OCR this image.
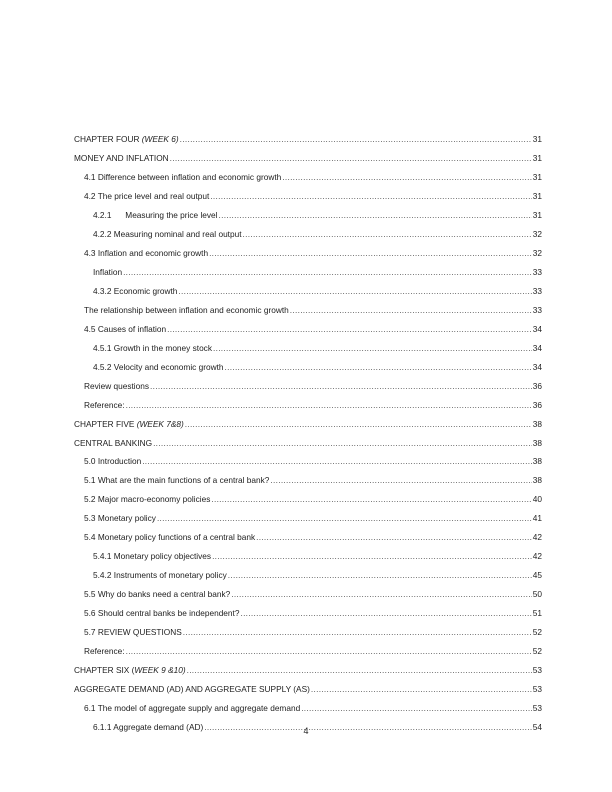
CHAPTER FOUR (WEEK 6) .....	31
MONEY AND INFLATION .....	31
4.1 Difference between inflation and economic growth .....	31
4.2 The price level and real output .....	31
4.2.1      Measuring the price level .....	31
4.2.2 Measuring nominal and real output .....	32
4.3 Inflation and economic growth .....	32
Inflation .....	33
4.3.2 Economic growth .....	33
The relationship between inflation and economic growth .....	33
4.5 Causes of inflation .....	34
4.5.1 Growth in the money stock .....	34
4.5.2 Velocity and economic growth .....	34
Review questions .....	36
Reference: .....	36
CHAPTER FIVE (WEEK 7&8) .....	38
CENTRAL BANKING .....	38
5.0 Introduction .....	38
5.1 What are the main functions of a central bank? .....	38
5.2 Major macro-economy policies .....	40
5.3 Monetary policy .....	41
5.4 Monetary policy functions of a central bank .....	42
5.4.1 Monetary policy objectives .....	42
5.4.2 Instruments of monetary policy .....	45
5.5 Why do banks need a central bank? .....	50
5.6 Should central banks be independent? .....	51
5.7 REVIEW QUESTIONS .....	52
Reference: .....	52
CHAPTER SIX (WEEK 9 &10) .....	53
AGGREGATE DEMAND (AD) AND AGGREGATE SUPPLY (AS) .....	53
6.1 The model of aggregate supply and aggregate demand .....	53
6.1.1 Aggregate demand (AD) .....	54
4
